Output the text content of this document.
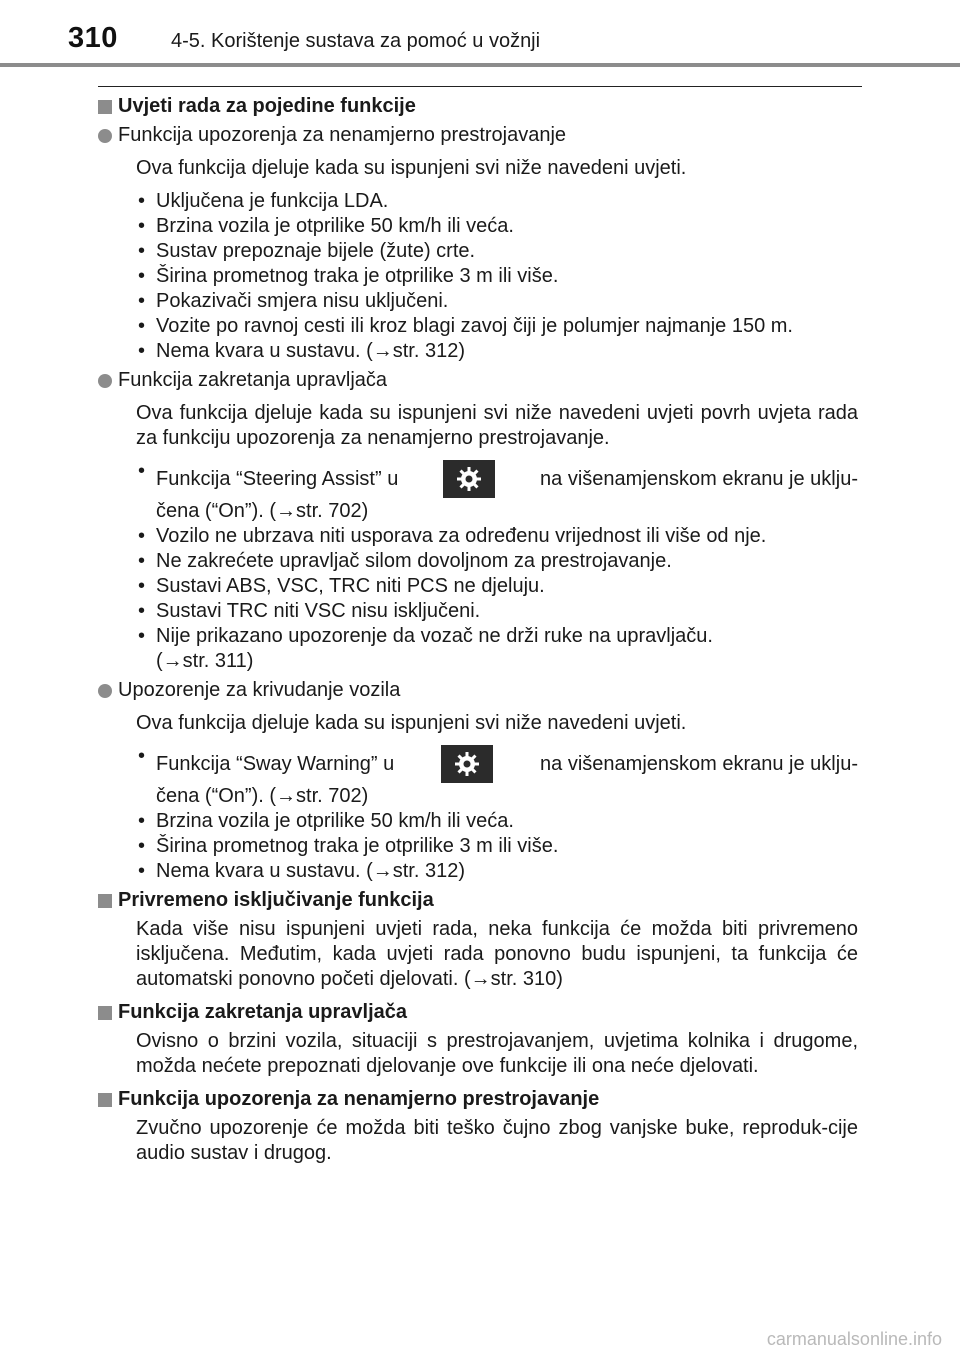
310	4-5. Korištenje sustava za pomoć u vožnji
Uvjeti rada za pojedine funkcije
Funkcija upozorenja za nenamjerno prestrojavanje
Ova funkcija djeluje kada su ispunjeni svi niže navedeni uvjeti.
• Uključena je funkcija LDA.
• Brzina vozila je otprilike 50 km/h ili veća.
• Sustav prepoznaje bijele (žute) crte.
• Širina prometnog traka je otprilike 3 m ili više.
• Pokazivači smjera nisu uključeni.
• Vozite po ravnoj cesti ili kroz blagi zavoj čiji je polumjer najmanje 150 m.
• Nema kvara u sustavu. (→str. 312)
Funkcija zakretanja upravljača
Ova funkcija djeluje kada su ispunjeni svi niže navedeni uvjeti povrh uvjeta rada za funkciju upozorenja za nenamjerno prestrojavanje.
• Funkcija “Steering Assist” u	na višenamjenskom ekranu je uklju-
čena (“On”). (→str. 702)
• Vozilo ne ubrzava niti usporava za određenu vrijednost ili više od nje.
• Ne zakrećete upravljač silom dovoljnom za prestrojavanje.
• Sustavi ABS, VSC, TRC niti PCS ne djeluju.
• Sustavi TRC niti VSC nisu isključeni.
• Nije prikazano upozorenje da vozač ne drži ruke na upravljaču.
(→str. 311)
Upozorenje za krivudanje vozila
Ova funkcija djeluje kada su ispunjeni svi niže navedeni uvjeti.
• Funkcija “Sway Warning” u	na višenamjenskom ekranu je uklju-
čena (“On”). (→str. 702)
• Brzina vozila je otprilike 50 km/h ili veća.
• Širina prometnog traka je otprilike 3 m ili više.
• Nema kvara u sustavu. (→str. 312)
Privremeno isključivanje funkcija
Kada više nisu ispunjeni uvjeti rada, neka funkcija će možda biti privremeno isključena. Međutim, kada uvjeti rada ponovno budu ispunjeni, ta funkcija će automatski ponovno početi djelovati. (→str. 310)
Funkcija zakretanja upravljača
Ovisno o brzini vozila, situaciji s prestrojavanjem, uvjetima kolnika i drugome, možda nećete prepoznati djelovanje ove funkcije ili ona neće djelovati.
Funkcija upozorenja za nenamjerno prestrojavanje
Zvučno upozorenje će možda biti teško čujno zbog vanjske buke, reproduk-cije audio sustav i drugog.
carmanualsonline.info
